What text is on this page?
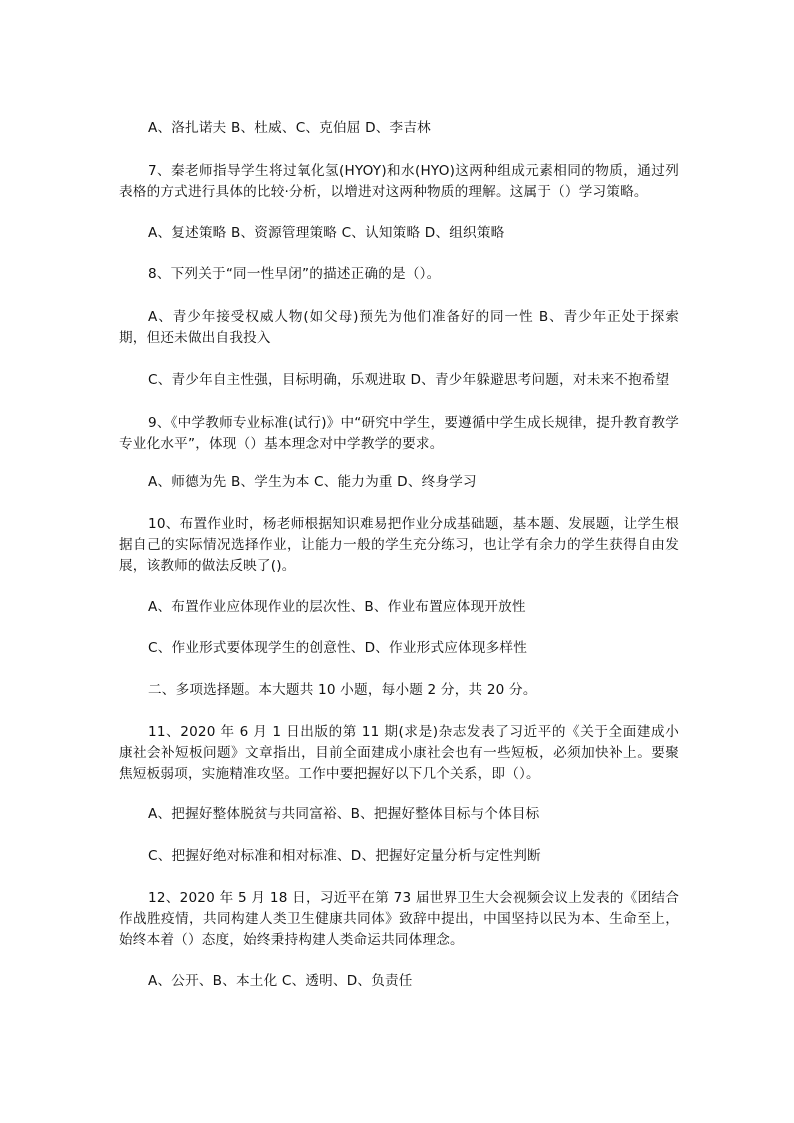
A、洛扎诺夫 B、杜威、C、克伯屈 D、李吉林

7、秦老师指导学生将过氧化氢(HYOY)和水(HYO)这两种组成元素相同的物质，通过列表格的方式进行具体的比较·分析，以增进对这两种物质的理解。这属于（）学习策略。

A、复述策略 B、资源管理策略 C、认知策略 D、组织策略

8、下列关于“同一性早闭”的描述正确的是（）。

A、青少年接受权威人物(如父母)预先为他们准备好的同一性 B、青少年正处于探索期，但还未做出自我投入

C、青少年自主性强，目标明确，乐观进取 D、青少年躲避思考问题，对未来不抱希望

9、《中学教师专业标准(试行)》中“研究中学生，要遵循中学生成长规律，提升教育教学专业化水平”，体现（）基本理念对中学教学的要求。

A、师德为先 B、学生为本 C、能力为重 D、终身学习

10、布置作业时，杨老师根据知识难易把作业分成基础题，基本题、发展题，让学生根据自己的实际情况选择作业，让能力一般的学生充分练习，也让学有余力的学生获得自由发展，该教师的做法反映了()。

A、布置作业应体现作业的层次性、B、作业布置应体现开放性

C、作业形式要体现学生的创意性、D、作业形式应体现多样性

二、多项选择题。本大题共 10 小题，每小题 2 分，共 20 分。

11、2020 年 6 月 1 日出版的第 11 期(求是)杂志发表了习近平的《关于全面建成小康社会补短板问题》文章指出，目前全面建成小康社会也有一些短板，必须加快补上。要聚焦短板弱项，实施精准攻坚。工作中要把握好以下几个关系，即（）。

A、把握好整体脱贫与共同富裕、B、把握好整体目标与个体目标

C、把握好绝对标准和相对标准、D、把握好定量分析与定性判断

12、2020 年 5 月 18 日，习近平在第 73 届世界卫生大会视频会议上发表的《团结合作战胜疫情，共同构建人类卫生健康共同体》致辞中提出，中国坚持以民为本、生命至上，始终本着（）态度，始终秉持构建人类命运共同体理念。

A、公开、B、本土化 C、透明、D、负责任
